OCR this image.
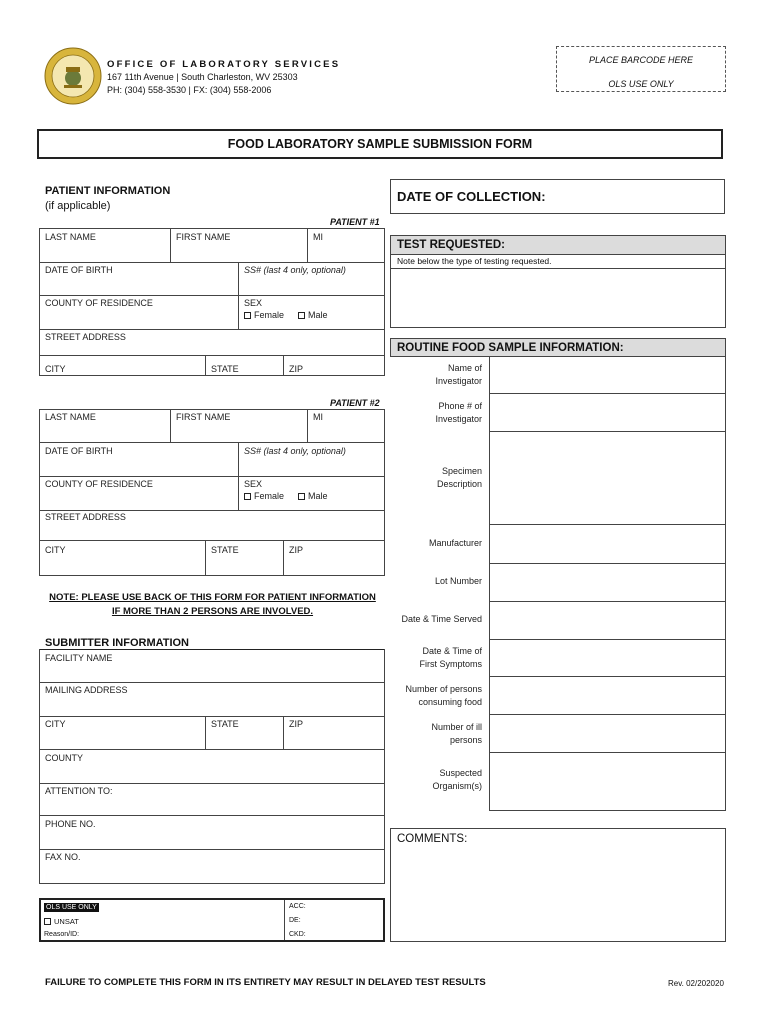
OFFICE OF LABORATORY SERVICES
167 11th Avenue | South Charleston, WV 25303
PH: (304) 558-3530 | FX: (304) 558-2006
PLACE BARCODE HERE
OLS USE ONLY
FOOD LABORATORY SAMPLE SUBMISSION FORM
PATIENT INFORMATION
(if applicable)
DATE OF COLLECTION:
PATIENT #1
LAST NAME	FIRST NAME	MI
DATE OF BIRTH	SS# (last 4 only, optional)
COUNTY OF RESIDENCE	SEX
Female	Male
STREET ADDRESS
CITY	STATE	ZIP
PATIENT #2
LAST NAME	FIRST NAME	MI
DATE OF BIRTH	SS# (last 4 only, optional)
COUNTY OF RESIDENCE	SEX
Female	Male
STREET ADDRESS
CITY	STATE	ZIP
NOTE: PLEASE USE BACK OF THIS FORM FOR PATIENT INFORMATION IF MORE THAN 2 PERSONS ARE INVOLVED.
SUBMITTER INFORMATION
FACILITY NAME
MAILING ADDRESS
CITY	STATE	ZIP
COUNTY
ATTENTION TO:
PHONE NO.
FAX NO.
OLS USE ONLY
UNSAT
Reason/ID:
ACC:
DE:
CKD:
TEST REQUESTED:
Note below the type of testing requested.
ROUTINE FOOD SAMPLE INFORMATION:
Name of Investigator
Phone # of Investigator
Specimen Description
Manufacturer
Lot Number
Date & Time Served
Date & Time of First Symptoms
Number of persons consuming food
Number of ill persons
Suspected Organism(s)
COMMENTS:
FAILURE TO COMPLETE THIS FORM IN ITS ENTIRETY MAY RESULT IN DELAYED TEST RESULTS	Rev. 02/202020
